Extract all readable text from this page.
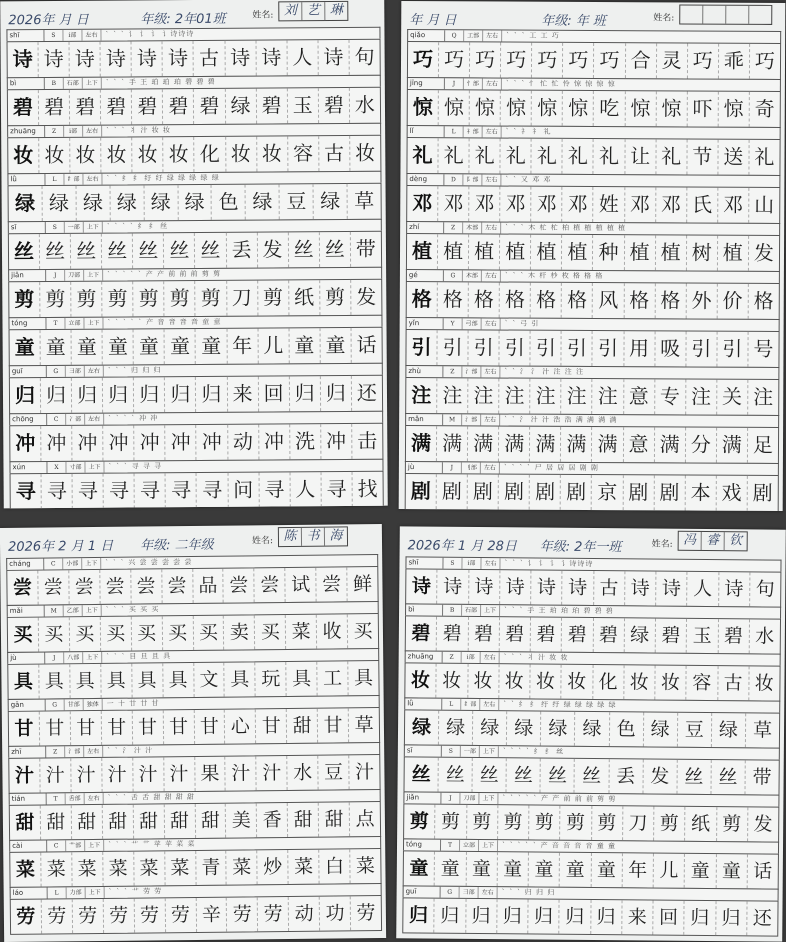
2026年 月 日	年级: 2年01班	姓名: 刘 艺 琳
shī	S	i部	左右	` ` ` 讠 讠 讠 讠诗诗诗
诗 诗 诗 诗 诗 诗 古 诗 诗 人 诗 句
bì	B	石部	上下	` ` ` 手 王 珀 珀 珀 碧 碧 碧
碧 碧 碧 碧 碧 碧 碧 绿 碧 玉 碧 水
zhuāng	Z	i部	左右	` ` ` 丬 汁 妆 妆
妆 妆 妆 妆 妆 妆 化 妆 妆 容 古 妆
lǜ	L	纟部	左右	` ` 纟 纟 纡 纡 绿 绿 绿 绿 绿
绿 绿 绿 绿 绿 绿 色 绿 豆 绿 草
sī	S	一部	上下	` ` ` ` 纟 纟 丝
丝 丝 丝 丝 丝 丝 丝 丢 发 丝 丝 带
jiǎn	J	刀部	上下	` ` ` ` ` 产 产 前 前 前 剪 剪
剪 剪 剪 剪 剪 剪 剪 刀 剪 纸 剪 发
tóng	T	立部	上下	` ` ` ` ` 产 音 音 音 音 童 童
童 童 童 童 童 童 童 年 儿 童 童 话
guī	G	彐部	左右	` ` ` 归 归 归
归 归 归 归 归 归 归 来 回 归 归 还
chōng	C	冫部	左右	` ` ` ` 冲 冲
冲 冲 冲 冲 冲 冲 冲 动 冲 洗 冲 击
xún	X	寸部	上下	` ` ` 寻 寻 寻
寻 寻 寻 寻 寻 寻 寻 问 寻 人 寻 找
年 月 日	年级: 年 班	姓名:
qiǎo	Q	工部	左右	` ` ` 工 工 巧
巧 巧 巧 巧 巧 巧 巧 合 灵 巧 乖 巧
jīng	J	忄部	左右	` ` ` 忄 忙 忙 怜 惊 惊 惊 惊
惊 惊 惊 惊 惊 惊 吃 惊 惊 吓 惊 奇
lǐ	L	礻部	左右	` ` 礻 礻 礼
礼 礼 礼 礼 礼 礼 礼 让 礼 节 送 礼
dèng	D	阝部	左右	` ` 又 邓 邓
邓 邓 邓 邓 邓 邓 姓 邓 邓 氏 邓 山
zhí	Z	木部	左右	` ` ` 木 杧 杧 柏 植 植 植 植 植
植 植 植 植 植 植 种 植 植 树 植 发
gé	G	木部	左右	` ` ` 木 杆 杪 枚 格 格 格
格 格 格 格 格 格 风 格 格 外 价 格
yǐn	Y	弓部	左右	` ` 弓 引
引 引 引 引 引 引 引 用 吸 引 引 号
zhù	Z	氵部	左右	` ` 氵 氵 汁 注 注 注
注 注 注 注 注 注 注 意 专 注 关 注
mǎn	M	氵部	左右	` ` 氵 汁 汁 浩 浩 满 满 满 满
满 满 满 满 满 满 满 意 满 分 满 足
jù	J	刂部	左右	` ` ` ` 尸 居 居 居 剧 剧
剧 剧 剧 剧 剧 剧 京 剧 剧 本 戏 剧
2026年 2 月 1 日 年级: 二年级	姓名: 陈 书 海
cháng	C	小部	上下	` ` ` 兴 尝 尝 尝 尝 尝
尝 尝 尝 尝 尝 尝 品 尝 尝 试 尝 鲜
mǎi	M	乙部	上下	` ` ` 买 买 买
买 买 买 买 买 买 买 卖 买 菜 收 买
jù	J	八部	上下	` ` ` 目 旦 且 具
具 具 具 具 具 具 文 具 玩 具 工 具
gān	G	甘部	独体	一 十 廿 廿 甘
甘 甘 甘 甘 甘 甘 甘 心 甘 甜 甘 草
zhī	Z	氵部	左右	` ` 氵 汁 汁
汁 汁 汁 汁 汁 汁 果 汁 汁 水 豆 汁
tián	T	舌部	左右	` ` ` 舌 舌 甜 甜 甜 甜
甜 甜 甜 甜 甜 甜 甜 美 香 甜 甜 点
cài	C	艹部	上下	` ` ` 艹 艹 苹 苹 菜 菜
菜 菜 菜 菜 菜 菜 青 菜 炒 菜 白 菜
láo	L	力部	上下	` ` ` 艹 劳 劳
劳 劳 劳 劳 劳 劳 辛 劳 劳 动 功 劳
2026年 1 月 28日 年级: 2年一班	姓名: 冯 睿 钦
shī	S	i部	左右	` ` ` 讠 讠 讠 讠诗诗诗
诗 诗 诗 诗 诗 诗 古 诗 诗 人 诗 句
bì	B	石部	上下	` ` ` 手 王 珀 珀 珀 碧 碧 碧
碧 碧 碧 碧 碧 碧 碧 绿 碧 玉 碧 水
zhuāng	Z	i部	左右	` ` ` 丬 汁 妆 妆
妆 妆 妆 妆 妆 妆 化 妆 妆 容 古 妆
lǜ	L	纟部	左右	` ` 纟 纟 纡 纡 绿 绿 绿 绿 绿
绿 绿 绿 绿 绿 绿 色 绿 豆 绿 草
sī	S	一部	上下	` ` ` ` 纟 纟 丝
丝 丝 丝 丝 丝 丝 丢 发 丝 丝 带
jiǎn	J	刀部	上下	` ` ` ` ` 产 产 前 前 前 剪 剪
剪 剪 剪 剪 剪 剪 剪 刀 剪 纸 剪 发
tóng	T	立部	上下	` ` ` ` ` 产 音 音 音 音 童 童
童 童 童 童 童 童 童 年 儿 童 童 话
guī	G	彐部	左右	` ` ` 归 归 归
归 归 归 归 归 归 归 来 回 归 归 还
